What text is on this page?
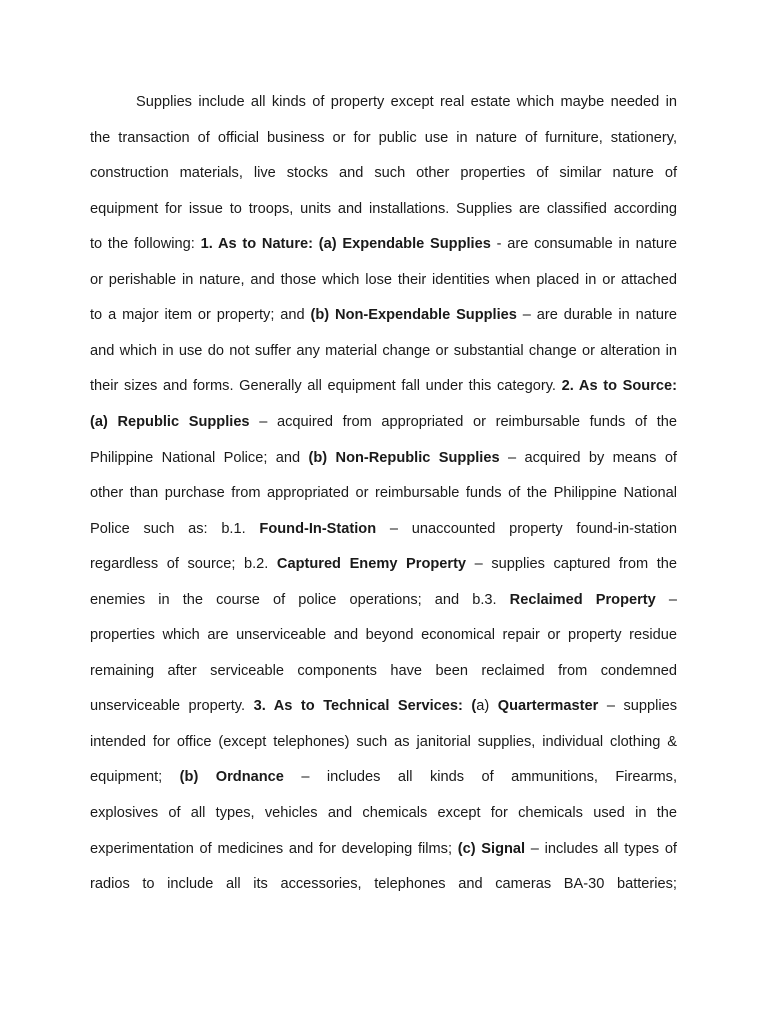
Supplies include all kinds of property except real estate which maybe needed in
the transaction of official business or for public use in nature of furniture, stationery,
construction materials, live stocks and such other properties of similar nature of
equipment for issue to troops, units and installations. Supplies are classified according
to the following: 1. As to Nature: (a) Expendable Supplies - are consumable in nature
or perishable in nature, and those which lose their identities when placed in or attached
to a major item or property; and (b) Non-Expendable Supplies – are durable in nature
and which in use do not suffer any material change or substantial change or alteration in
their sizes and forms. Generally all equipment fall under this category. 2. As to Source:
(a) Republic Supplies – acquired from appropriated or reimbursable funds of the
Philippine National Police; and (b) Non-Republic Supplies – acquired by means of
other than purchase from appropriated or reimbursable funds of the Philippine National
Police such as: b.1. Found-In-Station – unaccounted property found-in-station
regardless of source; b.2. Captured Enemy Property – supplies captured from the
enemies in the course of police operations; and b.3. Reclaimed Property –
properties which are unserviceable and beyond economical repair or property residue
remaining after serviceable components have been reclaimed from condemned
unserviceable property. 3. As to Technical Services: (a) Quartermaster – supplies
intended for office (except telephones) such as janitorial supplies, individual clothing &
equipment; (b) Ordnance – includes all kinds of ammunitions, Firearms,
explosives of all types, vehicles and chemicals except for chemicals used in the
experimentation of medicines and for developing films; (c) Signal – includes all types of
radios to include all its accessories, telephones and cameras BA-30 batteries;
